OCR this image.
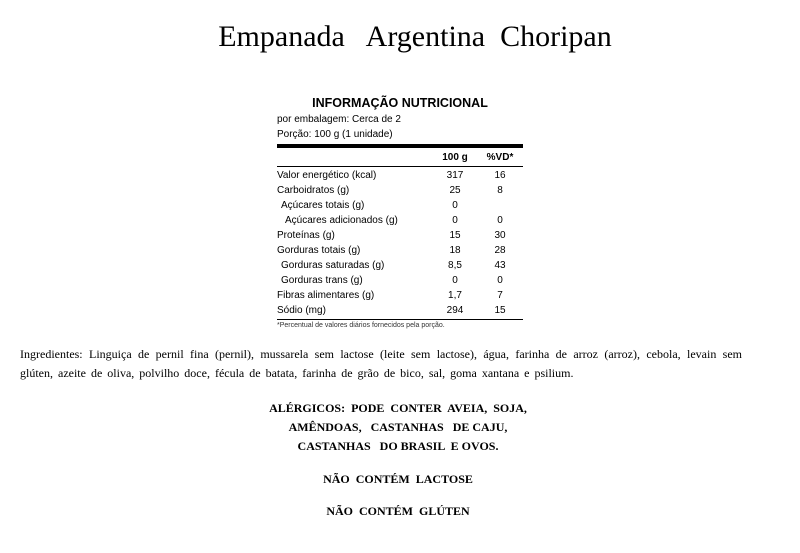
Empanada   Argentina  Choripan
INFORMAÇÃO NUTRICIONAL
por embalagem: Cerca de 2
Porção: 100 g (1 unidade)
100 g	%VD*
Valor energético (kcal)	317	16
Carboidratos (g)	25	8
Açúcares totais (g)	0
Açúcares adicionados (g)	0	0
Proteínas (g)	15	30
Gorduras totais (g)	18	28
Gorduras saturadas (g)	8,5	43
Gorduras trans (g)	0	0
Fibras alimentares (g)	1,7	7
Sódio (mg)	294	15
*Percentual de valores diários fornecidos pela porção.
Ingredientes: Linguiça de pernil fina (pernil), mussarela sem lactose (leite sem lactose), água, farinha de arroz (arroz), cebola, levain sem glúten, azeite de oliva, polvilho doce, fécula de batata, farinha de grão de bico, sal, goma xantana e psilium.
ALÉRGICOS:  PODE  CONTER  AVEIA,  SOJA,
AMÊNDOAS,   CASTANHAS   DE CAJU,
CASTANHAS   DO BRASIL  E OVOS.
NÃO  CONTÉM  LACTOSE
NÃO  CONTÉM  GLÚTEN
